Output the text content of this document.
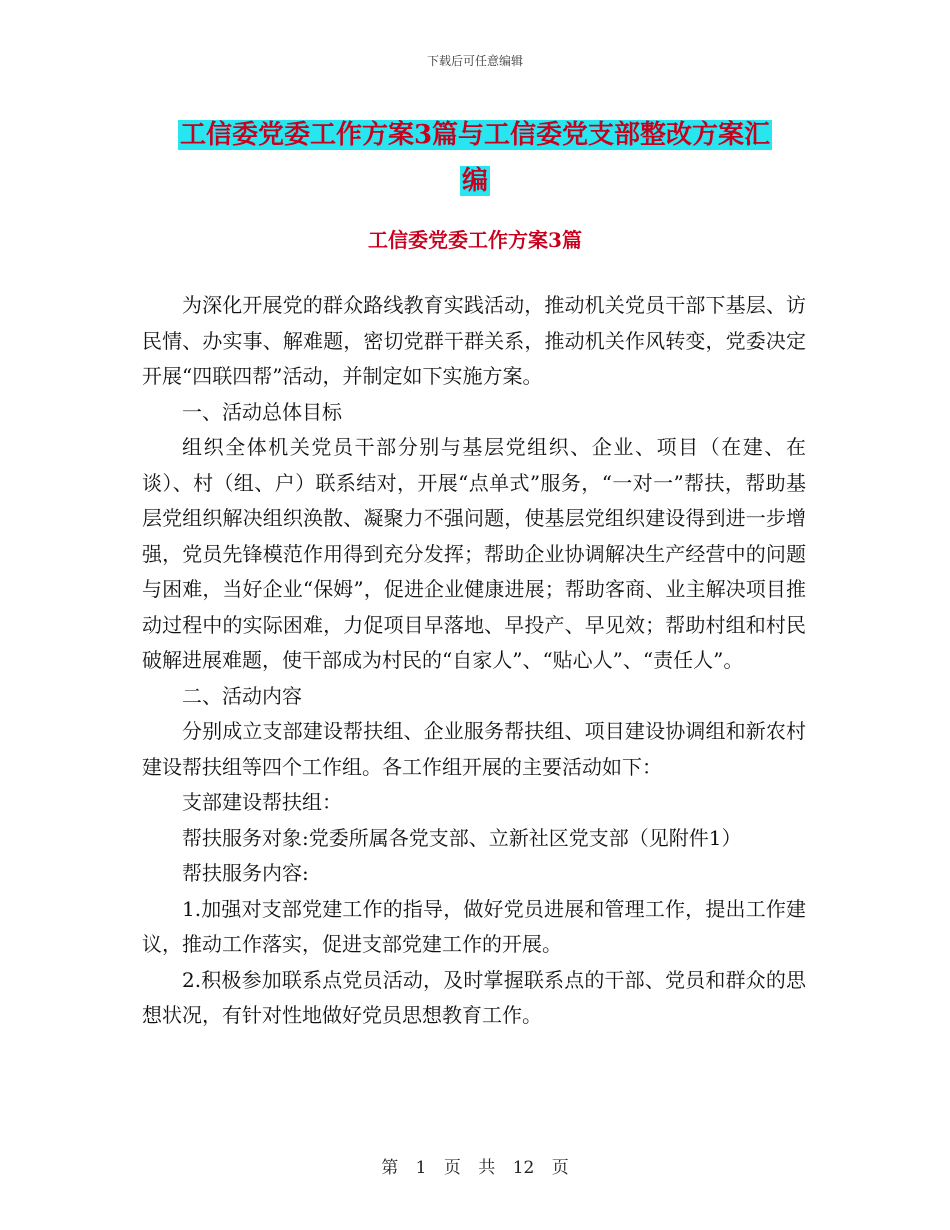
下载后可任意编辑
工信委党委工作方案3篇与工信委党支部整改方案汇
编
工信委党委工作方案3篇

为深化开展党的群众路线教育实践活动，推动机关党员干部下基层、访民情、办实事、解难题，密切党群干群关系，推动机关作风转变，党委决定开展“四联四帮”活动，并制定如下实施方案。

一、活动总体目标

组织全体机关党员干部分别与基层党组织、企业、项目（在建、在谈）、村（组、户）联系结对，开展“点单式”服务，“一对一”帮扶，帮助基层党组织解决组织涣散、凝聚力不强问题，使基层党组织建设得到进一步增强，党员先锋模范作用得到充分发挥；帮助企业协调解决生产经营中的问题与困难，当好企业“保姆”，促进企业健康进展；帮助客商、业主解决项目推动过程中的实际困难，力促项目早落地、早投产、早见效；帮助村组和村民破解进展难题，使干部成为村民的“自家人”、“贴心人”、“责任人”。

二、活动内容

分别成立支部建设帮扶组、企业服务帮扶组、项目建设协调组和新农村建设帮扶组等四个工作组。各工作组开展的主要活动如下：

支部建设帮扶组：

帮扶服务对象:党委所属各党支部、立新社区党支部（见附件1）

帮扶服务内容:

1.加强对支部党建工作的指导，做好党员进展和管理工作，提出工作建议，推动工作落实，促进支部党建工作的开展。

2.积极参加联系点党员活动，及时掌握联系点的干部、党员和群众的思想状况，有针对性地做好党员思想教育工作。

第 1 页 共 12 页
